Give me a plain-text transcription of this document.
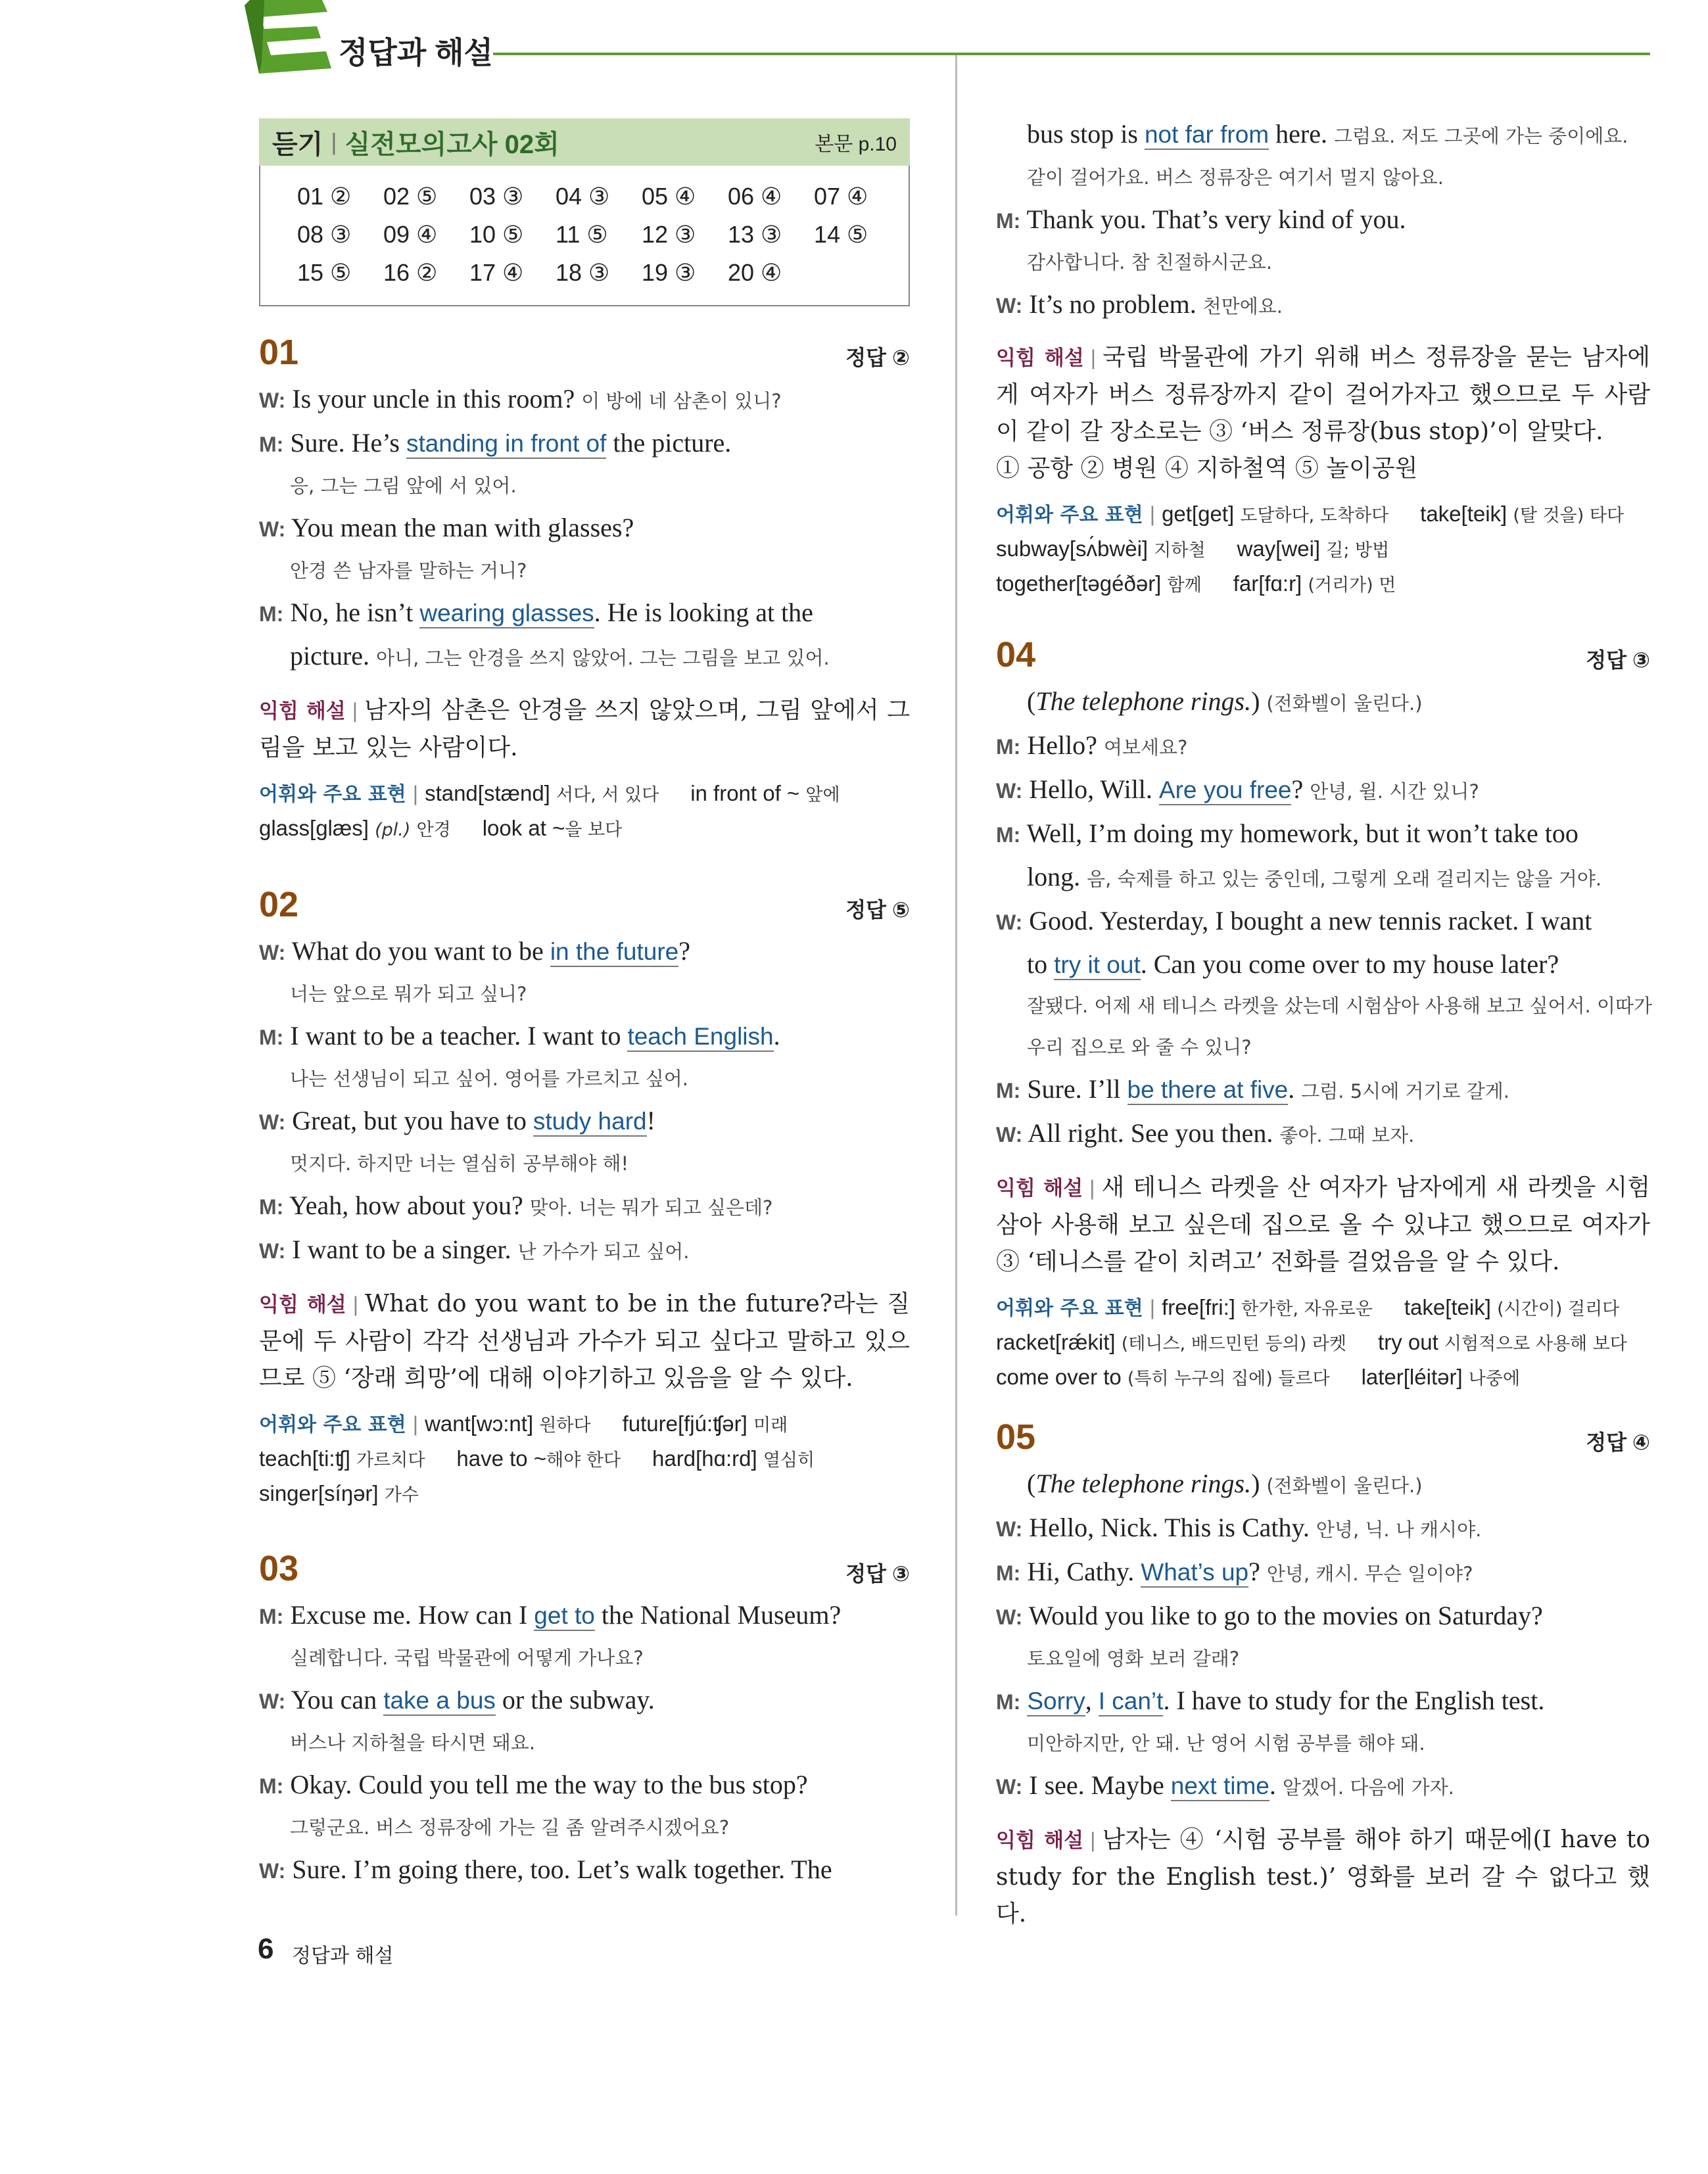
정답과 해설
듣기 | 실전모의고사 02회	본문 p.10
01 ②	02 ⑤	03 ③	04 ③	05 ④	06 ④	07 ④
08 ③	09 ④	10 ⑤	11 ⑤	12 ③	13 ③	14 ⑤
15 ⑤	16 ②	17 ④	18 ③	19 ③	20 ④
01	정답 ②
W: Is your uncle in this room? 이 방에 네 삼촌이 있니?
M: Sure. He’s standing in front of the picture.
응, 그는 그림 앞에 서 있어.
W: You mean the man with glasses?
안경 쓴 남자를 말하는 거니?
M: No, he isn’t wearing glasses. He is looking at the
picture. 아니, 그는 안경을 쓰지 않았어. 그는 그림을 보고 있어.
익힘 해설 | 남자의 삼촌은 안경을 쓰지 않았으며, 그림 앞에서 그림을 보고 있는 사람이다.
어휘와 주요 표현 | stand[stænd] 서다, 서 있다 in front of ~ 앞에
glass[glæs] (pl.) 안경 look at ~을 보다
02	정답 ⑤
W: What do you want to be in the future?
너는 앞으로 뭐가 되고 싶니?
M: I want to be a teacher. I want to teach English.
나는 선생님이 되고 싶어. 영어를 가르치고 싶어.
W: Great, but you have to study hard!
멋지다. 하지만 너는 열심히 공부해야 해!
M: Yeah, how about you? 맞아. 너는 뭐가 되고 싶은데?
W: I want to be a singer. 난 가수가 되고 싶어.
익힘 해설 | What do you want to be in the future?라는 질문에 두 사람이 각각 선생님과 가수가 되고 싶다고 말하고 있으므로 ⑤ ‘장래 희망’에 대해 이야기하고 있음을 알 수 있다.
어휘와 주요 표현 | want[wɔ:nt] 원하다 future[fjú:ʧər] 미래
teach[ti:ʧ] 가르치다 have to ~해야 한다 hard[hɑ:rd] 열심히
singer[síŋər] 가수
03	정답 ③
M: Excuse me. How can I get to the National Museum?
실례합니다. 국립 박물관에 어떻게 가나요?
W: You can take a bus or the subway.
버스나 지하철을 타시면 돼요.
M: Okay. Could you tell me the way to the bus stop?
그렇군요. 버스 정류장에 가는 길 좀 알려주시겠어요?
W: Sure. I’m going there, too. Let’s walk together. The
bus stop is not far from here. 그럼요. 저도 그곳에 가는 중이에요.
같이 걸어가요. 버스 정류장은 여기서 멀지 않아요.
M: Thank you. That’s very kind of you.
감사합니다. 참 친절하시군요.
W: It’s no problem. 천만에요.
익힘 해설 | 국립 박물관에 가기 위해 버스 정류장을 묻는 남자에게 여자가 버스 정류장까지 같이 걸어가자고 했으므로 두 사람이 같이 갈 장소로는 ③ ‘버스 정류장(bus stop)’이 알맞다.
① 공항 ② 병원 ④ 지하철역 ⑤ 놀이공원
어휘와 주요 표현 | get[get] 도달하다, 도착하다 take[teik] (탈 것을) 타다
subway[sʌ́bwèi] 지하철 way[wei] 길; 방법
together[təgéðər] 함께 far[fɑ:r] (거리가) 먼
04	정답 ③
(The telephone rings.) (전화벨이 울린다.)
M: Hello? 여보세요?
W: Hello, Will. Are you free? 안녕, 윌. 시간 있니?
M: Well, I’m doing my homework, but it won’t take too
long. 음, 숙제를 하고 있는 중인데, 그렇게 오래 걸리지는 않을 거야.
W: Good. Yesterday, I bought a new tennis racket. I want
to try it out. Can you come over to my house later?
잘됐다. 어제 새 테니스 라켓을 샀는데 시험삼아 사용해 보고 싶어서. 이따가
우리 집으로 와 줄 수 있니?
M: Sure. I’ll be there at five. 그럼. 5시에 거기로 갈게.
W: All right. See you then. 좋아. 그때 보자.
익힘 해설 | 새 테니스 라켓을 산 여자가 남자에게 새 라켓을 시험삼아 사용해 보고 싶은데 집으로 올 수 있냐고 했으므로 여자가 ③ ‘테니스를 같이 치려고’ 전화를 걸었음을 알 수 있다.
어휘와 주요 표현 | free[fri:] 한가한, 자유로운 take[teik] (시간이) 걸리다
racket[rǽkit] (테니스, 배드민턴 등의) 라켓 try out 시험적으로 사용해 보다
come over to (특히 누구의 집에) 들르다 later[léitər] 나중에
05	정답 ④
(The telephone rings.) (전화벨이 울린다.)
W: Hello, Nick. This is Cathy. 안녕, 닉. 나 캐시야.
M: Hi, Cathy. What’s up? 안녕, 캐시. 무슨 일이야?
W: Would you like to go to the movies on Saturday?
토요일에 영화 보러 갈래?
M: Sorry, I can’t. I have to study for the English test.
미안하지만, 안 돼. 난 영어 시험 공부를 해야 돼.
W: I see. Maybe next time. 알겠어. 다음에 가자.
익힘 해설 | 남자는 ④ ‘시험 공부를 해야 하기 때문에(I have to study for the English test.)’ 영화를 보러 갈 수 없다고 했다.
6 정답과 해설
